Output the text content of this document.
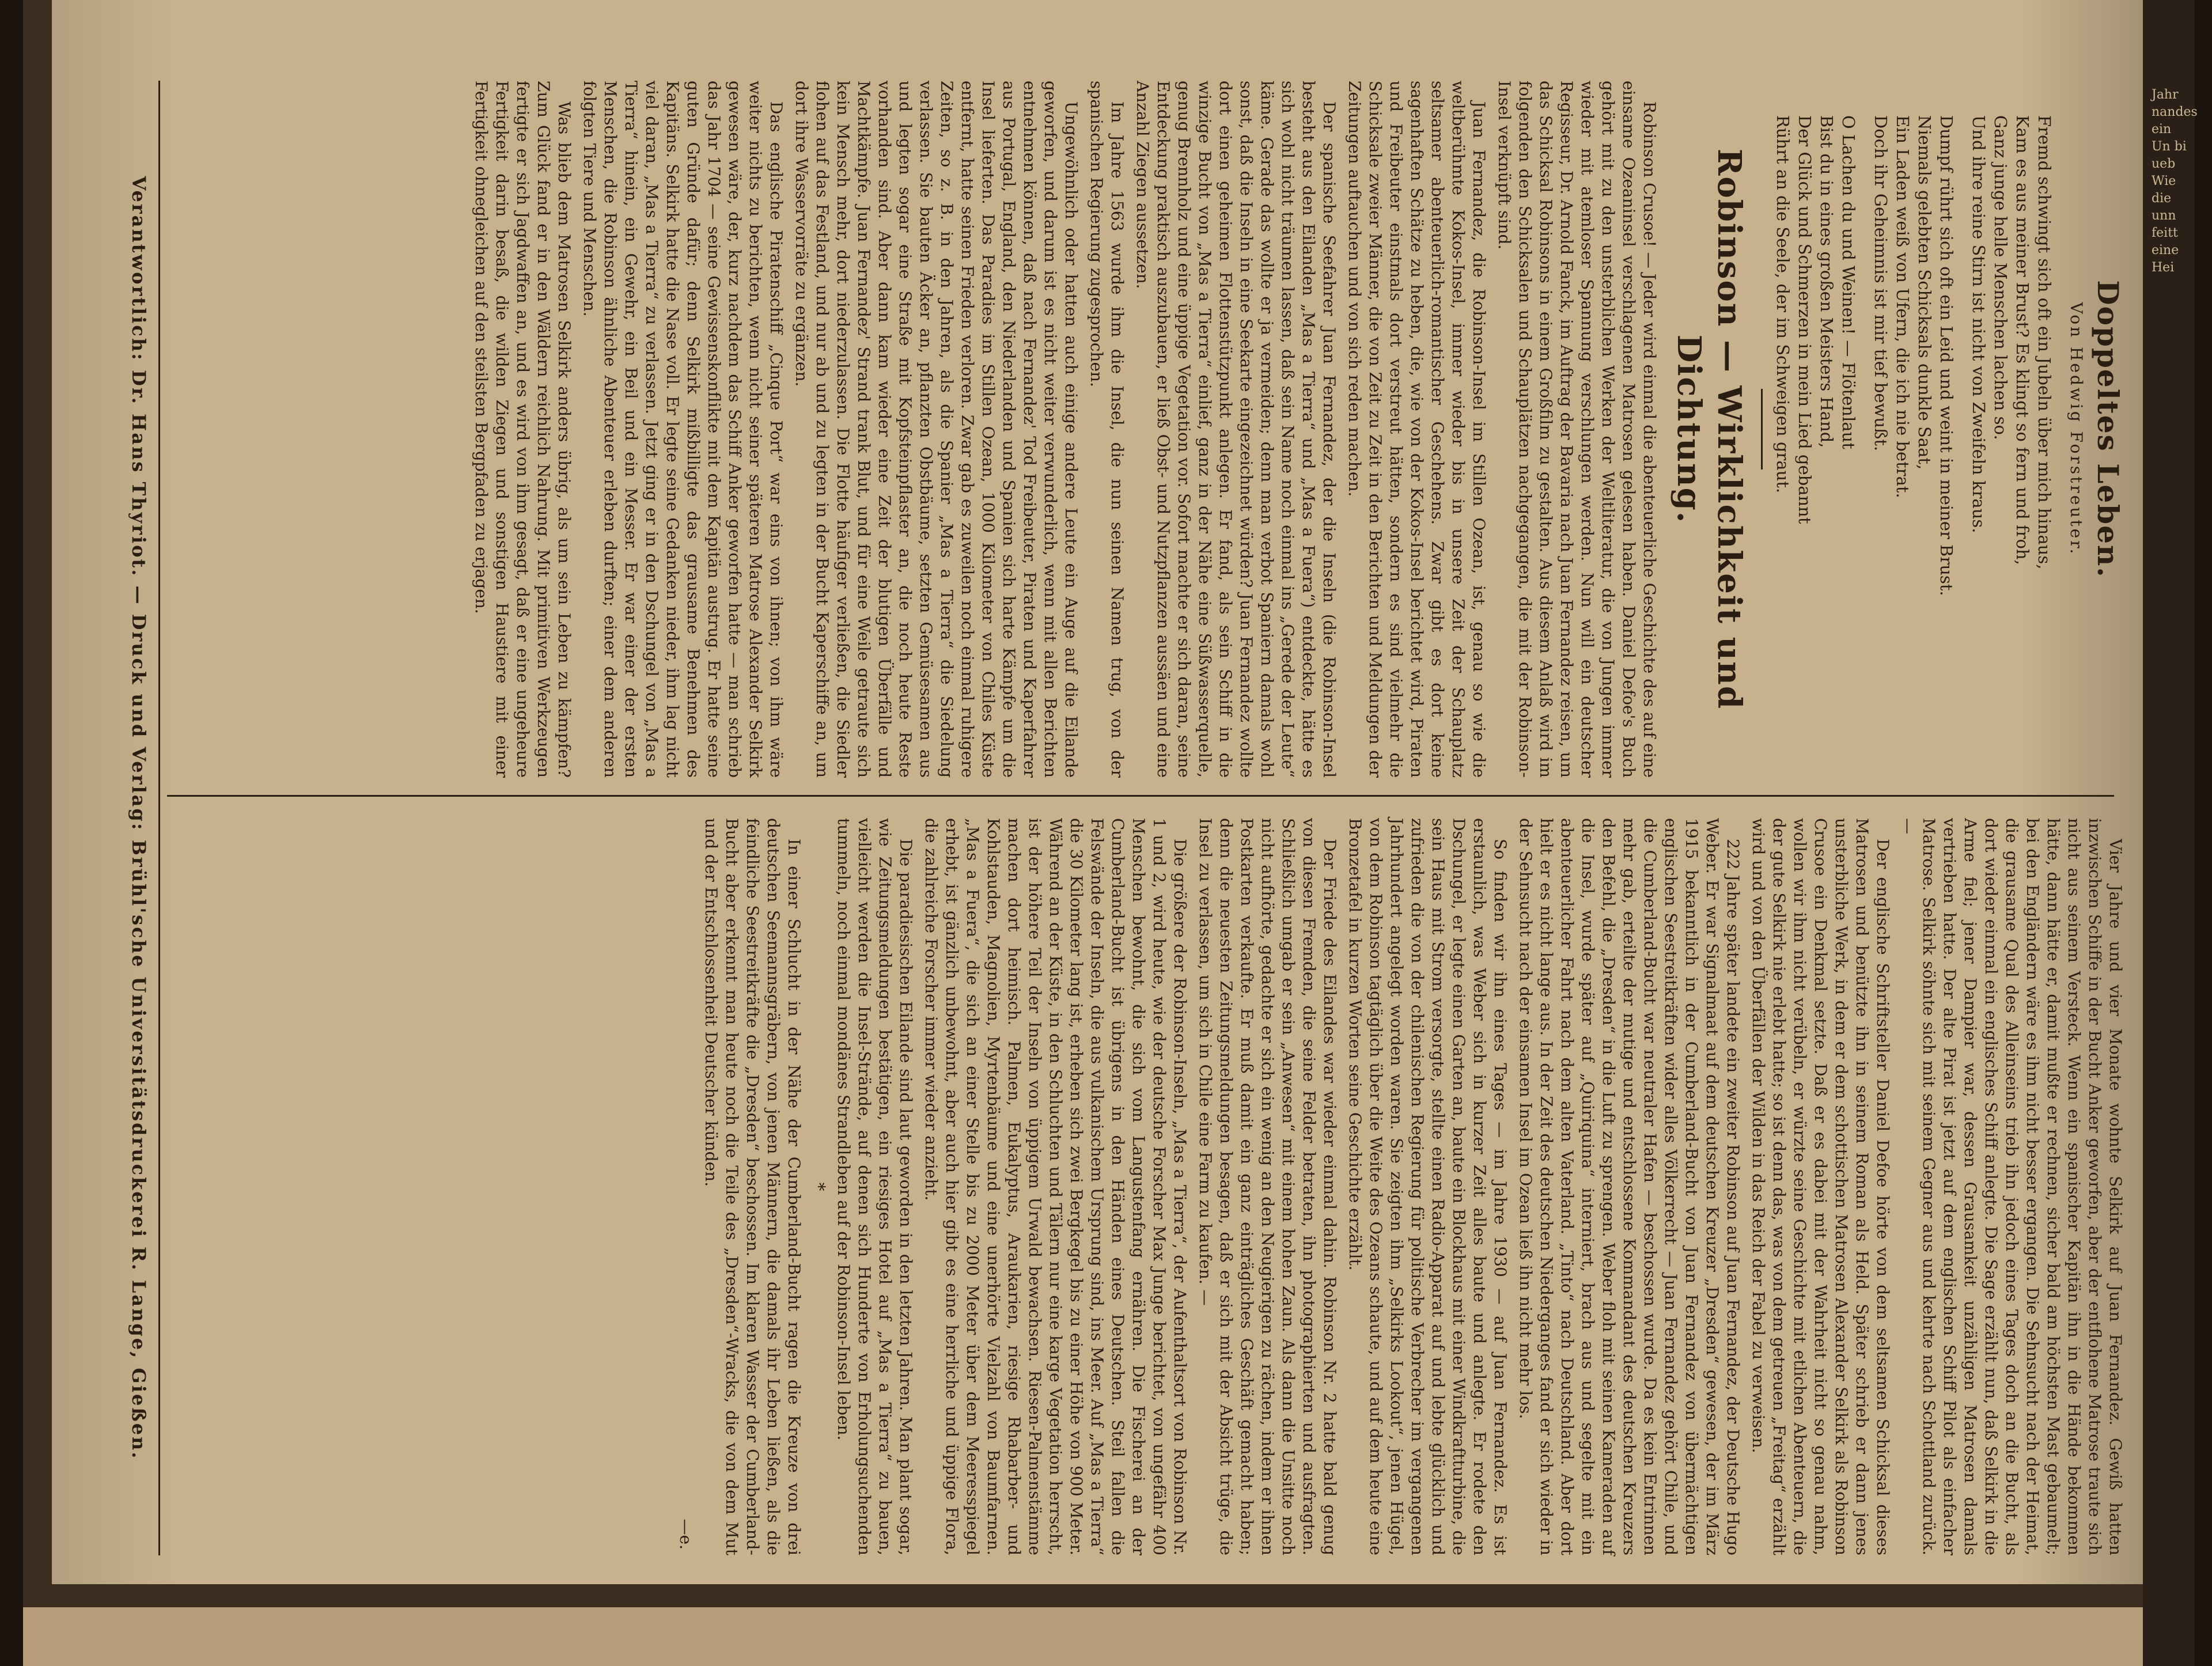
Jahr nandes ein Un bi ueb Wie die unn feitt eine Hei
Doppeltes Leben.
Von Hedwig Forstreuter.
Fremd schwingt sich oft ein Jubeln über mich hinaus,
Kam es aus meiner Brust? Es klingt so fern und froh,
Ganz junge helle Menschen lachen so.
Und ihre reine Stirn ist nicht von Zweifeln kraus.
Dumpf rührt sich oft ein Leid und weint in meiner Brust.
Niemals gelebten Schicksals dunkle Saat,
Ein Laden weiß von Ufern, die ich nie betrat.
Doch ihr Geheimnis ist mir tief bewußt.
O Lachen du und Weinen! — Flötenlaut
Bist du in eines großen Meisters Hand,
Der Glück und Schmerzen in mein Lied gebannt
Rührt an die Seele, der im Schweigen graut.
Robinson — Wirklichkeit und Dichtung.

Robinson Crusoe! — Jeder wird einmal die abenteuerliche Geschichte des auf eine einsame Ozeaninsel verschlagenen Matrosen gelesen haben. Daniel Defoe's Buch gehört mit zu den unsterblichen Werken der Weltliteratur, die von Jungen immer wieder mit atemloser Spannung verschlungen werden. Nun will ein deutscher Regisseur, Dr. Arnold Fanck, im Auftrag der Bavaria nach Juan Fernandez reisen, um das Schicksal Robinsons in einem Großfilm zu gestalten. Aus diesem Anlaß wird im folgenden den Schicksalen und Schauplätzen nachgegangen, die mit der Robinson-Insel verknüpft sind.

Juan Fernandez, die Robinson-Insel im Stillen Ozean, ist, genau so wie die weltberühmte Kokos-Insel, immer wieder bis in unsere Zeit der Schauplatz seltsamer abenteuerlich-romantischer Geschehens. Zwar gibt es dort keine sagenhaften Schätze zu heben, die, wie von der Kokos-Insel berichtet wird, Piraten und Freibeuter einstmals dort verstreut hätten, sondern es sind vielmehr die Schicksale zweier Männer, die von Zeit zu Zeit in den Berichten und Meldungen der Zeitungen auftauchen und von sich reden machen.

Der spanische Seefahrer Juan Fernandez, der die Inseln (die Robinson-Insel besteht aus den Eilanden „Mas a Tierra“ und „Mas a Fuera“) entdeckte, hätte es sich wohl nicht träumen lassen, daß sein Name noch einmal ins „Gerede der Leute“ käme. Gerade das wollte er ja vermeiden; denn man verbot Spaniern damals wohl sonst, daß die Inseln in eine Seekarte eingezeichnet würden? Juan Fernandez wollte dort einen geheimen Flottenstützpunkt anlegen. Er fand, als sein Schiff in die winzige Bucht von „Mas a Tierra“ einlief, ganz in der Nähe eine Süßwasserquelle, genug Brennholz und eine üppige Vegetation vor. Sofort machte er sich daran, seine Entdeckung praktisch auszubauen, er ließ Obst- und Nutzpflanzen aussäen und eine Anzahl Ziegen aussetzen.

Im Jahre 1563 wurde ihm die Insel, die nun seinen Namen trug, von der spanischen Regierung zugesprochen.

Ungewöhnlich oder hatten auch einige andere Leute ein Auge auf die Eilande geworfen, und darum ist es nicht weiter verwunderlich, wenn mit allen Berichten entnehmen können, daß nach Fernandez' Tod Freibeuter, Piraten und Kaperfahrer aus Portugal, England, den Niederlanden und Spanien sich harte Kämpfe um die Insel lieferten. Das Paradies im Stillen Ozean, 1000 Kilometer von Chiles Küste entfernt, hatte seinen Frieden verloren. Zwar gab es zuweilen noch einmal ruhigere Zeiten, so z. B. in den Jahren, als die Spanier „Mas a Tierra“ die Siedelung verlassen. Sie bauten Äcker an, pflanzten Obstbäume, setzten Gemüsesamen aus und legten sogar eine Straße mit Kopfsteinpflaster an, die noch heute Reste vorhanden sind. Aber dann kam wieder eine Zeit der blutigen Überfälle und Machtkämpfe. Juan Fernandez' Strand trank Blut, und für eine Weile getraute sich kein Mensch mehr, dort niederzulassen. Die Flotte häufiger verließen, die Siedler flohen auf das Festland, und nur ab und zu legten in der Bucht Kaperschiffe an, um dort ihre Wasservorräte zu ergänzen.

Das englische Piratenschiff „Cinque Port“ war eins von ihnen; von ihm wäre weiter nichts zu berichten, wenn nicht seiner späteren Matrose Alexander Selkirk gewesen wäre, der, kurz nachdem das Schiff Anker geworfen hatte — man schrieb das Jahr 1704 — seine Gewissenskonflikte mit dem Kapitän austrug. Er hatte seine guten Gründe dafür; denn Selkirk mißbilligte das grausame Benehmen des Kapitäns. Selkirk hatte die Nase voll. Er legte seine Gedanken nieder, ihm lag nicht viel daran, „Mas a Tierra“ zu verlassen. Jetzt ging er in den Dschungel von „Mas a Tierra“ hinein, ein Gewehr, ein Beil und ein Messer. Er war einer der ersten Menschen, die Robinson ähnliche Abenteuer erleben durften; einer dem anderen folgten Tiere und Menschen.

Was blieb dem Matrosen Selkirk anders übrig, als um sein Leben zu kämpfen? Zum Glück fand er in den Wäldern reichlich Nahrung. Mit primitiven Werkzeugen fertigte er sich Jagdwaffen an, und es wird von ihm gesagt, daß er eine ungeheure Fertigkeit darin besaß, die wilden Ziegen und sonstigen Haustiere mit einer Fertigkeit ohnegleichen auf den steilsten Bergpfaden zu erjagen.

Vier Jahre und vier Monate wohnte Selkirk auf Juan Fernandez. Gewiß hatten inzwischen Schiffe in der Bucht Anker geworfen, aber der entflohene Matrose traute sich nicht aus seinem Versteck. Wenn ein spanischer Kapitän ihn in die Hände bekommen hätte, dann hätte er, damit mußte er rechnen, sicher bald am höchsten Mast gebaumelt; bei den Engländern wäre es ihm nicht besser ergangen. Die Sehnsucht nach der Heimat, die grausame Qual des Alleinseins trieb ihn jedoch eines Tages doch an die Bucht, als dort wieder einmal ein englisches Schiff anlegte. Die Sage erzählt nun, daß Selkirk in die Arme fiel; jener Dampier war, dessen Grausamkeit unzähligen Matrosen damals vertrieben hatte. Der alte Pirat ist jetzt auf dem englischen Schiff Pilot als einfacher Matrose. Selkirk söhnte sich mit seinem Gegner aus und kehrte nach Schottland zurück. —

Der englische Schriftsteller Daniel Defoe hörte von dem seltsamen Schicksal dieses Matrosen und benützte ihn in seinem Roman als Held. Später schrieb er dann jenes unsterbliche Werk, in dem er dem schottischen Matrosen Alexander Selkirk als Robinson Crusoe ein Denkmal setzte. Daß er es dabei mit der Wahrheit nicht so genau nahm, wollen wir ihm nicht verübeln, er würzte seine Geschichte mit etlichen Abenteuern, die der gute Selkirk nie erlebt hatte; so ist denn das, was von dem getreuen „Freitag“ erzählt wird und von den Überfällen der Wilden in das Reich der Fabel zu verweisen.

222 Jahre später landete ein zweiter Robinson auf Juan Fernandez, der Deutsche Hugo Weber. Er war Signalmaat auf dem deutschen Kreuzer „Dresden“ gewesen, der im März 1915 bekanntlich in der Cumberland-Bucht von Juan Fernandez von übermächtigen englischen Seestreitkräften wider alles Völkerrecht — Juan Fernandez gehört Chile, und die Cumberland-Bucht war neutraler Hafen — beschossen wurde. Da es kein Entrinnen mehr gab, erteilte der mutige und entschlossene Kommandant des deutschen Kreuzers den Befehl, die „Dresden“ in die Luft zu sprengen. Weber floh mit seinen Kameraden auf die Insel, wurde später auf „Quiriquina“ interniert, brach aus und segelte mit ein abenteuerlicher Fahrt nach dem alten Vaterland. „Tinto“ nach Deutschland. Aber dort hielt er es nicht lange aus. In der Zeit des deutschen Niederganges fand er sich wieder in der Sehnsucht nach der einsamen Insel im Ozean ließ ihn nicht mehr los.

So finden wir ihn eines Tages — im Jahre 1930 — auf Juan Fernandez. Es ist erstaunlich, was Weber sich in kurzer Zeit alles baute und anlegte. Er rodete den Dschungel, er legte einen Garten an, baute ein Blockhaus mit einer Windkraftturbine, die sein Haus mit Strom versorgte, stellte einen Radio-Apparat auf und lebte glücklich und zufrieden die von der chilenischen Regierung für politische Verbrecher im vergangenen Jahrhundert angelegt worden waren. Sie zeigten ihm „Selkirks Lookout“, jenen Hügel, von dem Robinson tagtäglich über die Weite des Ozeans schaute, und auf dem heute eine Bronzetafel in kurzen Worten seine Geschichte erzählt.

Der Friede des Eilandes war wieder einmal dahin. Robinson Nr. 2 hatte bald genug von diesen Fremden, die seine Felder betraten, ihn photographierten und ausfragten. Schließlich umgab er sein „Anwesen“ mit einem hohen Zaun. Als dann die Unsitte noch nicht aufhörte, gedachte er sich ein wenig an den Neugierigen zu rächen, indem er ihnen Postkarten verkaufte. Er muß damit ein ganz einträgliches Geschäft gemacht haben; denn die neuesten Zeitungsmeldungen besagen, daß er sich mit der Absicht trüge, die Insel zu verlassen, um sich in Chile eine Farm zu kaufen. —

Die größere der Robinson-Inseln, „Mas a Tierra“, der Aufenthaltsort von Robinson Nr. 1 und 2, wird heute, wie der deutsche Forscher Max Junge berichtet, von ungefähr 400 Menschen bewohnt, die sich vom Langustenfang ernähren. Die Fischerei an der Cumberland-Bucht ist übrigens in den Händen eines Deutschen. Steil fallen die Felswände der Inseln, die aus vulkanischem Ursprung sind, ins Meer. Auf „Mas a Tierra“ die 30 Kilometer lang ist, erheben sich zwei Bergkegel bis zu einer Höhe von 900 Meter. Während an der Küste, in den Schluchten und Tälern nur eine karge Vegetation herrscht, ist der höhere Teil der Inseln von üppigem Urwald bewachsen. Riesen-Palmenstämme machen dort heimisch. Palmen, Eukalyptus, Araukarien, riesige Rhabarber- und Kohlstauden, Magnolien, Myrtenbäume und eine unerhörte Vielzahl von Baumfarnen. „Mas a Fuera“, die sich an einer Stelle bis zu 2000 Meter über dem Meeresspiegel erhebt, ist gänzlich unbewohnt, aber auch hier gibt es eine herrliche und üppige Flora, die zahlreiche Forscher immer wieder anzieht.

Die paradiesischen Eilande sind laut geworden in den letzten Jahren. Man plant sogar, wie Zeitungsmeldungen bestätigen, ein riesiges Hotel auf „Mas a Tierra“ zu bauen, vielleicht werden die Insel-Strände, auf denen sich Hunderte von Erholungsuchenden tummeln, noch einmal mondänes Strandleben auf der Robinson-Insel leben.

*

In einer Schlucht in der Nähe der Cumberland-Bucht ragen die Kreuze von drei deutschen Seemannsgräbern, von jenen Männern, die damals ihr Leben ließen, als die feindliche Seestreitkräfte die „Dresden“ beschossen. Im klaren Wasser der Cumberland-Bucht aber erkennt man heute noch die Teile des „Dresden“-Wracks, die von dem Mut und der Entschlossenheit Deutscher künden.

—e.
Verantwortlich: Dr. Hans Thyriot. — Druck und Verlag: Brühl'sche Universitätsdruckerei R. Lange, Gießen.
